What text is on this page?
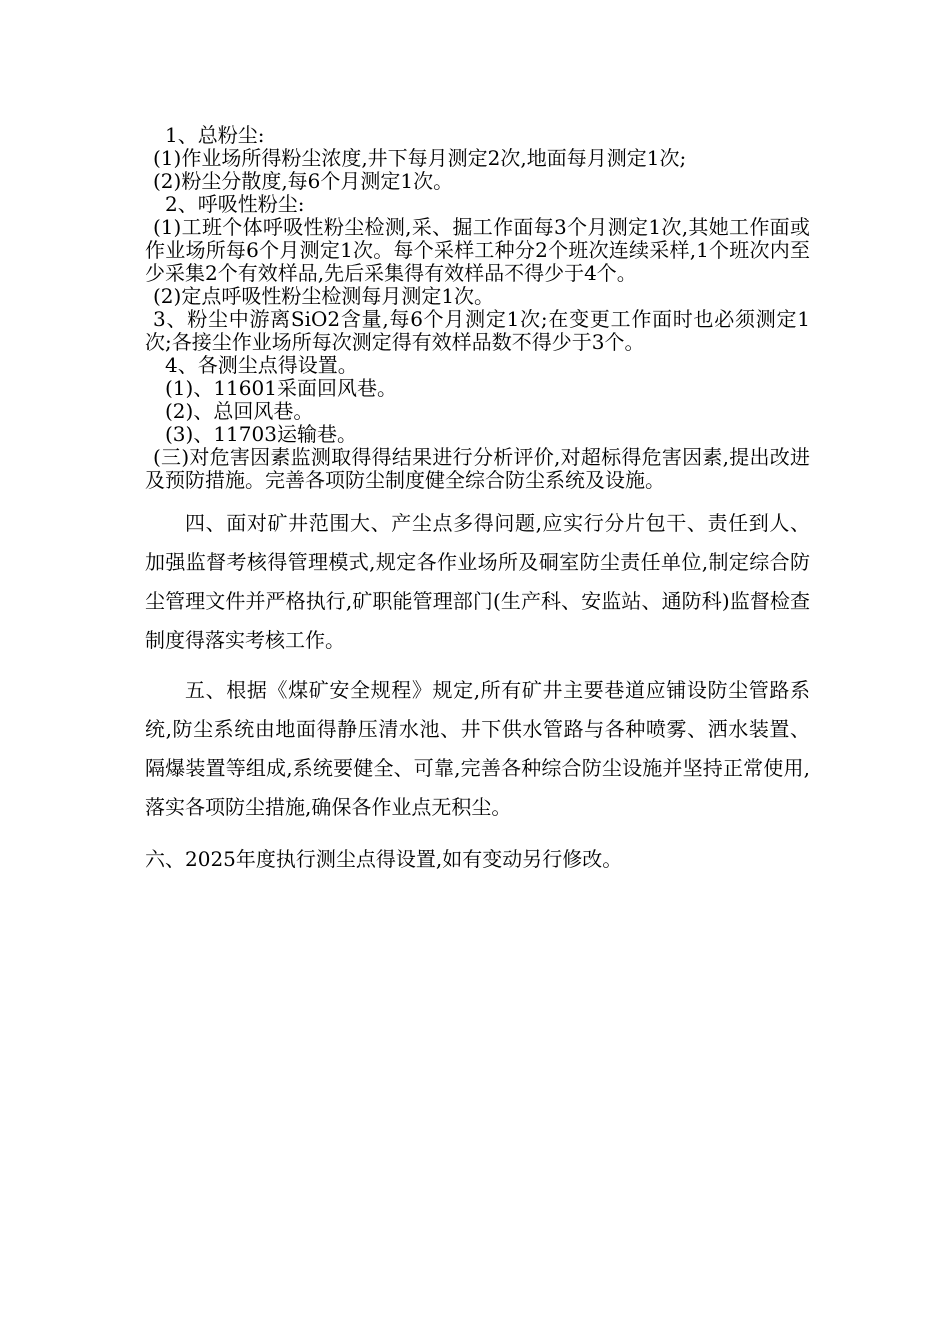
1、总粉尘:

(1)作业场所得粉尘浓度,井下每月测定2次,地面每月测定1次;

(2)粉尘分散度,每6个月测定1次。

2、呼吸性粉尘:

(1)工班个体呼吸性粉尘检测,采、掘工作面每3个月测定1次,其她工作面或作业场所每6个月测定1次。每个采样工种分2个班次连续采样,1个班次内至少采集2个有效样品,先后采集得有效样品不得少于4个。

(2)定点呼吸性粉尘检测每月测定1次。

3、粉尘中游离SiO2含量,每6个月测定1次;在变更工作面时也必须测定1次;各接尘作业场所每次测定得有效样品数不得少于3个。

4、各测尘点得设置。

(1)、11601采面回风巷。

(2)、总回风巷。

(3)、11703运输巷。

(三)对危害因素监测取得得结果进行分析评价,对超标得危害因素,提出改进及预防措施。完善各项防尘制度健全综合防尘系统及设施。

四、面对矿井范围大、产尘点多得问题,应实行分片包干、责任到人、加强监督考核得管理模式,规定各作业场所及硐室防尘责任单位,制定综合防尘管理文件并严格执行,矿职能管理部门(生产科、安监站、通防科)监督检查制度得落实考核工作。

五、根据《煤矿安全规程》规定,所有矿井主要巷道应铺设防尘管路系统,防尘系统由地面得静压清水池、井下供水管路与各种喷雾、洒水装置、隔爆装置等组成,系统要健全、可靠,完善各种综合防尘设施并坚持正常使用,落实各项防尘措施,确保各作业点无积尘。

六、2025年度执行测尘点得设置,如有变动另行修改。
